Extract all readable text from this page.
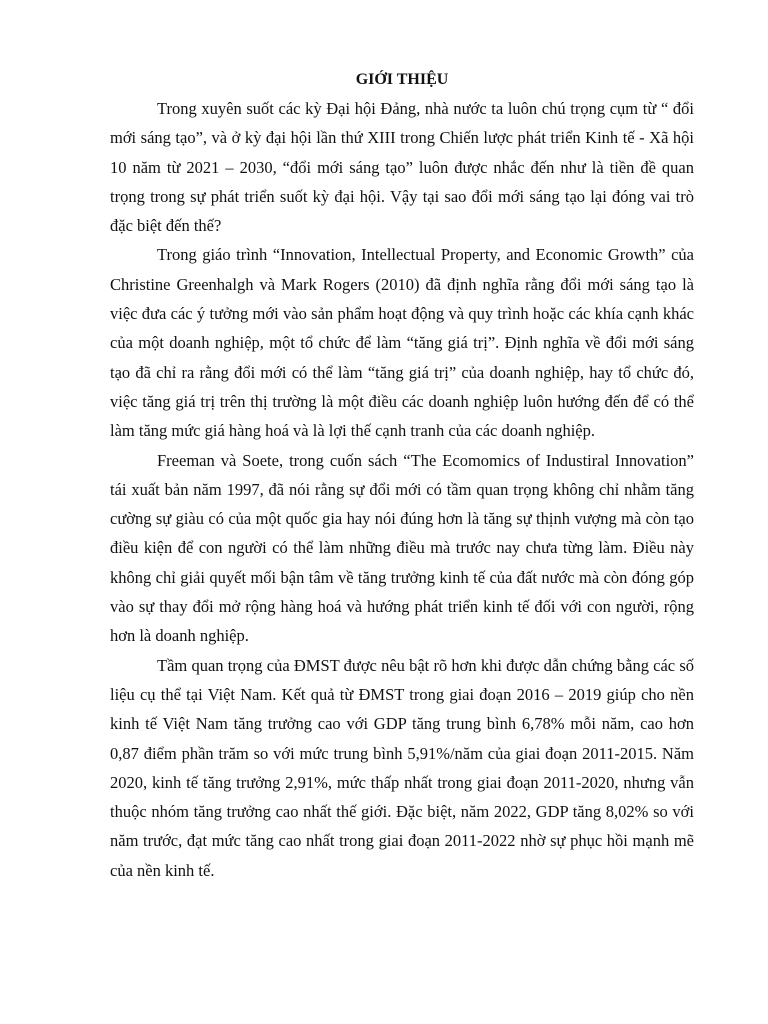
GIỚI THIỆU

Trong xuyên suốt các kỳ Đại hội Đảng, nhà nước ta luôn chú trọng cụm từ “ đổi mới sáng tạo”, và ở kỳ đại hội lần thứ XIII trong Chiến lược phát triển Kinh tế - Xã hội 10 năm từ 2021 – 2030, “đổi mới sáng tạo” luôn được nhắc đến như là tiền đề quan trọng trong sự phát triển suốt kỳ đại hội. Vậy tại sao đổi mới sáng tạo lại đóng vai trò đặc biệt đến thế?

Trong giáo trình “Innovation, Intellectual Property, and Economic Growth” của Christine Greenhalgh và Mark Rogers (2010) đã định nghĩa rằng đổi mới sáng tạo là việc đưa các ý tưởng mới vào sản phẩm hoạt động và quy trình hoặc các khía cạnh khác của một doanh nghiệp, một tổ chức để làm “tăng giá trị”. Định nghĩa về đổi mới sáng tạo đã chỉ ra rằng đổi mới có thể làm “tăng giá trị” của doanh nghiệp, hay tổ chức đó, việc tăng giá trị trên thị trường là một điều các doanh nghiệp luôn hướng đến để có thể làm tăng mức giá hàng hoá và là lợi thế cạnh tranh của các doanh nghiệp.

Freeman và Soete, trong cuốn sách “The Ecomomics of Industiral Innovation” tái xuất bản năm 1997, đã nói rằng sự đổi mới có tầm quan trọng không chỉ nhằm tăng cường sự giàu có của một quốc gia hay nói đúng hơn là tăng sự thịnh vượng mà còn tạo điều kiện để con người có thể làm những điều mà trước nay chưa từng làm. Điều này không chỉ giải quyết mối bận tâm về tăng trưởng kinh tế của đất nước mà còn đóng góp vào sự thay đổi mở rộng hàng hoá và hướng phát triển kinh tế đối với con người, rộng hơn là doanh nghiệp.

Tầm quan trọng của ĐMST được nêu bật rõ hơn khi được dẫn chứng bằng các số liệu cụ thể tại Việt Nam. Kết quả từ ĐMST trong giai đoạn 2016 – 2019 giúp cho nền kinh tế Việt Nam tăng trưởng cao với GDP tăng trung bình 6,78% mỗi năm, cao hơn 0,87 điểm phần trăm so với mức trung bình 5,91%/năm của giai đoạn 2011-2015. Năm 2020, kinh tế tăng trưởng 2,91%, mức thấp nhất trong giai đoạn 2011-2020, nhưng vẫn thuộc nhóm tăng trưởng cao nhất thế giới. Đặc biệt, năm 2022, GDP tăng 8,02% so với năm trước, đạt mức tăng cao nhất trong giai đoạn 2011-2022 nhờ sự phục hồi mạnh mẽ của nền kinh tế.
